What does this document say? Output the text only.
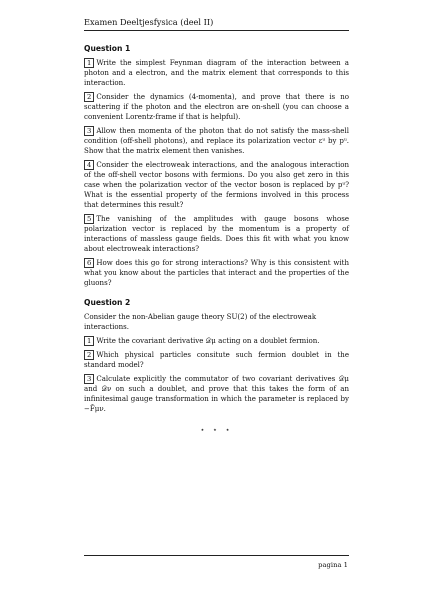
Examen Deeltjesfysica (deel II)
Question 1
1 Write the simplest Feynman diagram of the interaction between a photon and a electron, and the matrix element that corresponds to this interaction.
2 Consider the dynamics (4-momenta), and prove that there is no scattering if the photon and the electron are on-shell (you can choose a convenient Lorentz-frame if that is helpful).
3 Allow then momenta of the photon that do not satisfy the mass-shell condition (off-shell photons), and replace its polarization vector εᵘ by pᵘ. Show that the matrix element then vanishes.
4 Consider the electroweak interactions, and the analogous interaction of the off-shell vector bosons with fermions. Do you also get zero in this case when the polarization vector of the vector boson is replaced by pᵘ? What is the essential property of the fermions involved in this process that determines this result?
5 The vanishing of the amplitudes with gauge bosons whose polarization vector is replaced by the momentum is a property of interactions of massless gauge fields. Does this fit with what you know about electroweak interactions?
6 How does this go for strong interactions? Why is this consistent with what you know about the particles that interact and the properties of the gluons?
Question 2
Consider the non-Abelian gauge theory SU(2) of the electroweak interactions.
1 Write the covariant derivative 𝒟μ acting on a doublet fermion.
2 Which physical particles consitute such fermion doublet in the standard model?
3 Calculate explicitly the commutator of two covariant derivatives 𝒟μ and 𝒟ν on such a doublet, and prove that this takes the form of an infinitesimal gauge transformation in which the parameter is replaced by −F̄μν.
⋆ ⋆ ⋆
pagina 1
